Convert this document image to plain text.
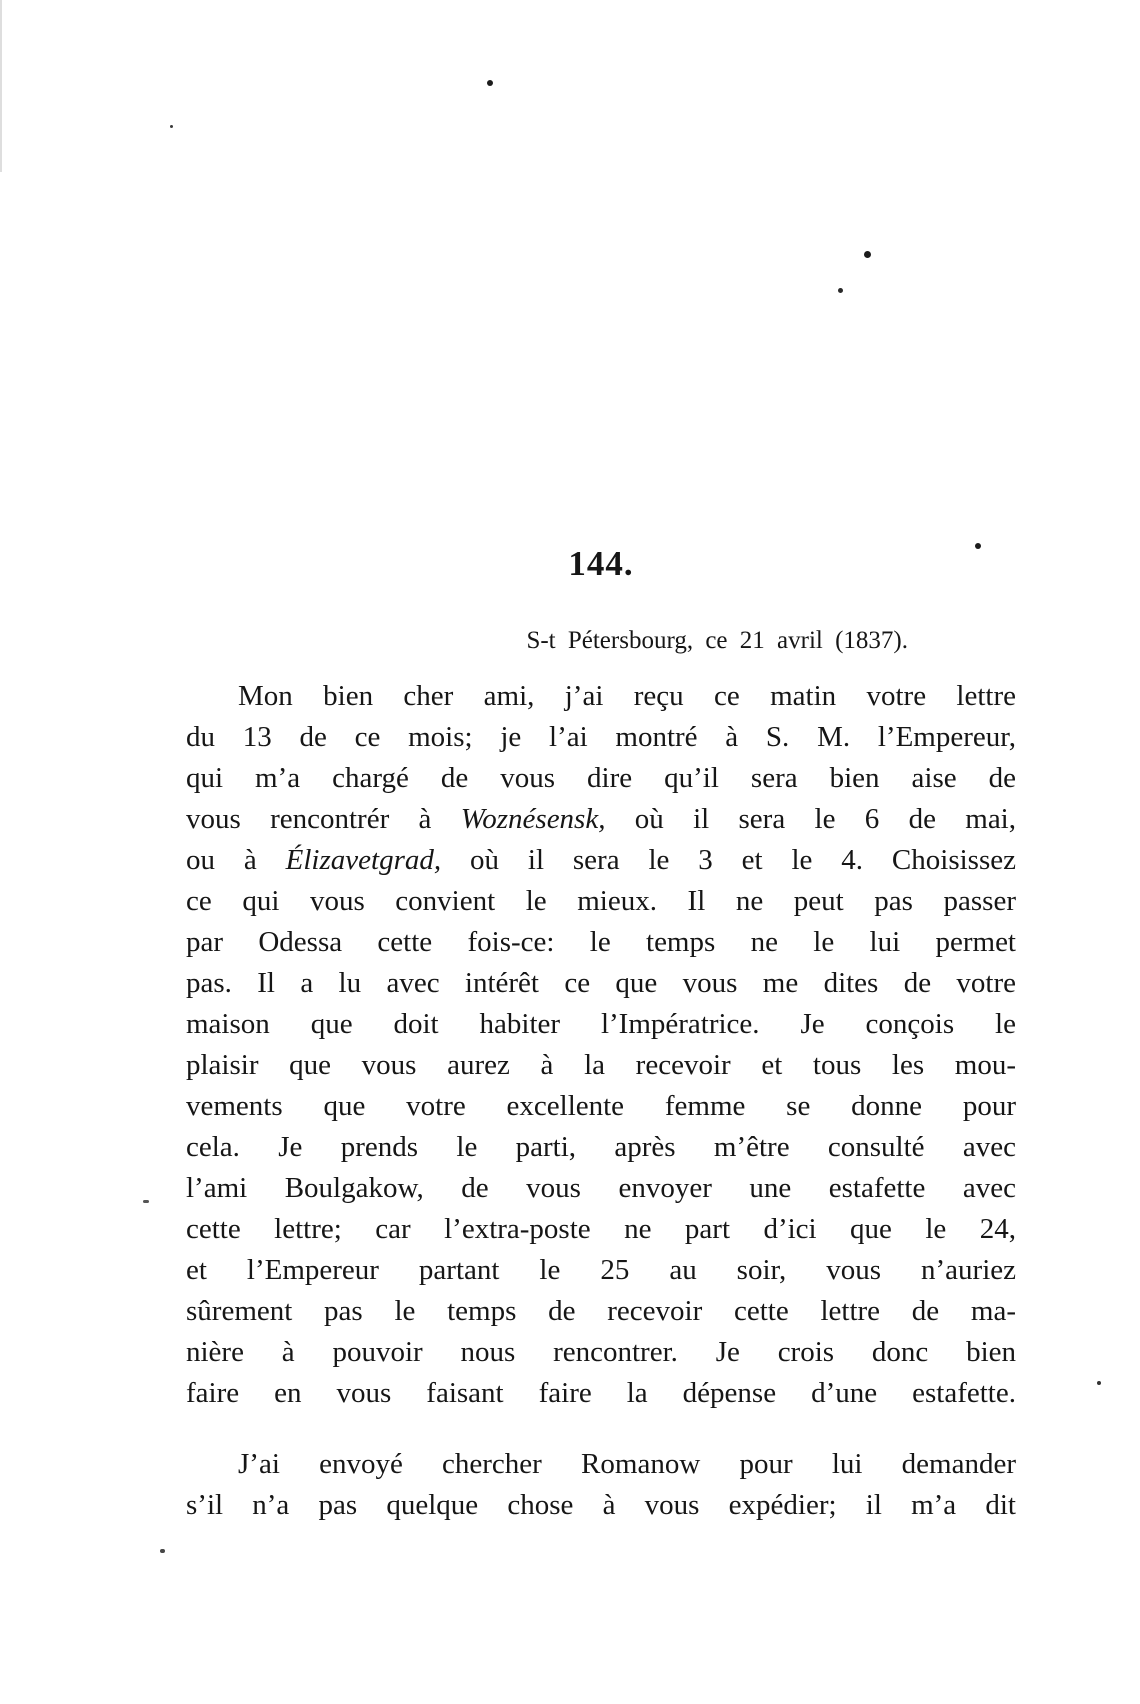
144.
S-t Pétersbourg, ce 21 avril (1837).
Mon bien cher ami, j’ai reçu ce matin votre lettre
du 13 de ce mois; je l’ai montré à S. M. l’Empereur,
qui m’a chargé de vous dire qu’il sera bien aise de
vous rencontrér à Woznésensk, où il sera le 6 de mai,
ou à Élizavetgrad, où il sera le 3 et le 4. Choisissez
ce qui vous convient le mieux. Il ne peut pas passer
par Odessa cette fois-ce: le temps ne le lui permet
pas. Il a lu avec intérêt ce que vous me dites de votre
maison que doit habiter l’Impératrice. Je conçois le
plaisir que vous aurez à la recevoir et tous les mou-
vements que votre excellente femme se donne pour
cela. Je prends le parti, après m’être consulté avec
l’ami Boulgakow, de vous envoyer une estafette avec
cette lettre; car l’extra-poste ne part d’ici que le 24,
et l’Empereur partant le 25 au soir, vous n’auriez
sûrement pas le temps de recevoir cette lettre de ma-
nière à pouvoir nous rencontrer. Je crois donc bien
faire en vous faisant faire la dépense d’une estafette.
J’ai envoyé chercher Romanow pour lui demander
s’il n’a pas quelque chose à vous expédier; il m’a dit
